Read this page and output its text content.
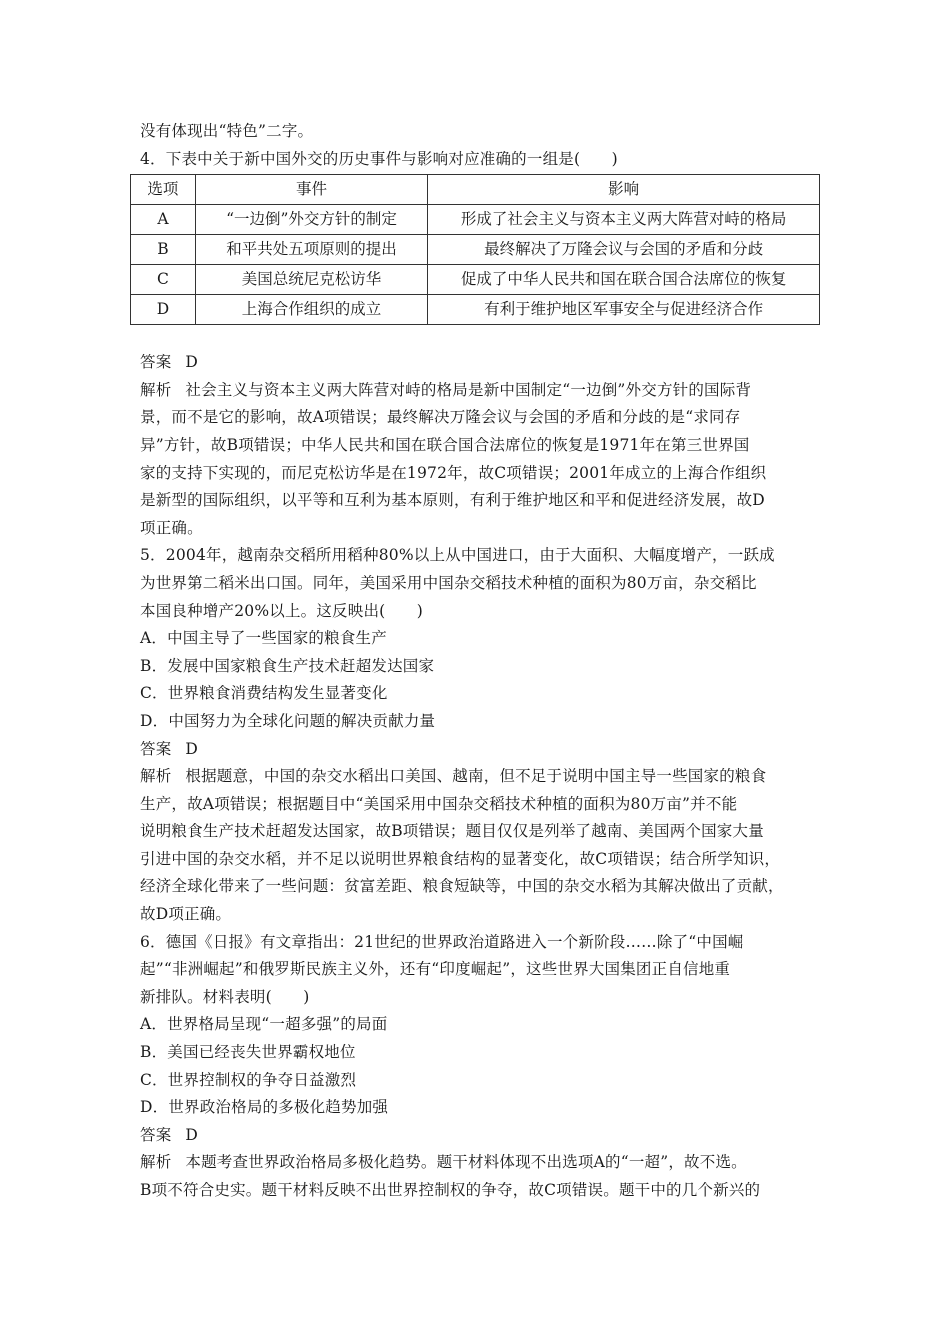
没有体现出“特色”二字。
4．下表中关于新中国外交的历史事件与影响对应准确的一组是(　　)
选项	事件	影响
A	“一边倒”外交方针的制定	形成了社会主义与资本主义两大阵营对峙的格局
B	和平共处五项原则的提出	最终解决了万隆会议与会国的矛盾和分歧
C	美国总统尼克松访华	促成了中华人民共和国在联合国合法席位的恢复
D	上海合作组织的成立	有利于维护地区军事安全与促进经济合作
答案 D
解析 社会主义与资本主义两大阵营对峙的格局是新中国制定“一边倒”外交方针的国际背
景，而不是它的影响，故A项错误；最终解决万隆会议与会国的矛盾和分歧的是“求同存
异”方针，故B项错误；中华人民共和国在联合国合法席位的恢复是1971年在第三世界国
家的支持下实现的，而尼克松访华是在1972年，故C项错误；2001年成立的上海合作组织
是新型的国际组织，以平等和互利为基本原则，有利于维护地区和平和促进经济发展，故D
项正确。
5．2004年，越南杂交稻所用稻种80%以上从中国进口，由于大面积、大幅度增产，一跃成
为世界第二稻米出口国。同年，美国采用中国杂交稻技术种植的面积为80万亩，杂交稻比
本国良种增产20%以上。这反映出(　　)
A．中国主导了一些国家的粮食生产
B．发展中国家粮食生产技术赶超发达国家
C．世界粮食消费结构发生显著变化
D．中国努力为全球化问题的解决贡献力量
答案 D
解析 根据题意，中国的杂交水稻出口美国、越南，但不足于说明中国主导一些国家的粮食
生产，故A项错误；根据题目中“美国采用中国杂交稻技术种植的面积为80万亩”并不能
说明粮食生产技术赶超发达国家，故B项错误；题目仅仅是列举了越南、美国两个国家大量
引进中国的杂交水稻，并不足以说明世界粮食结构的显著变化，故C项错误；结合所学知识，
经济全球化带来了一些问题：贫富差距、粮食短缺等，中国的杂交水稻为其解决做出了贡献，
故D项正确。
6．德国《日报》有文章指出：21世纪的世界政治道路进入一个新阶段……除了“中国崛
起”“非洲崛起”和俄罗斯民族主义外，还有“印度崛起”，这些世界大国集团正自信地重
新排队。材料表明(　　)
A．世界格局呈现“一超多强”的局面
B．美国已经丧失世界霸权地位
C．世界控制权的争夺日益激烈
D．世界政治格局的多极化趋势加强
答案 D
解析 本题考查世界政治格局多极化趋势。题干材料体现不出选项A的“一超”，故不选。
B项不符合史实。题干材料反映不出世界控制权的争夺，故C项错误。题干中的几个新兴的
